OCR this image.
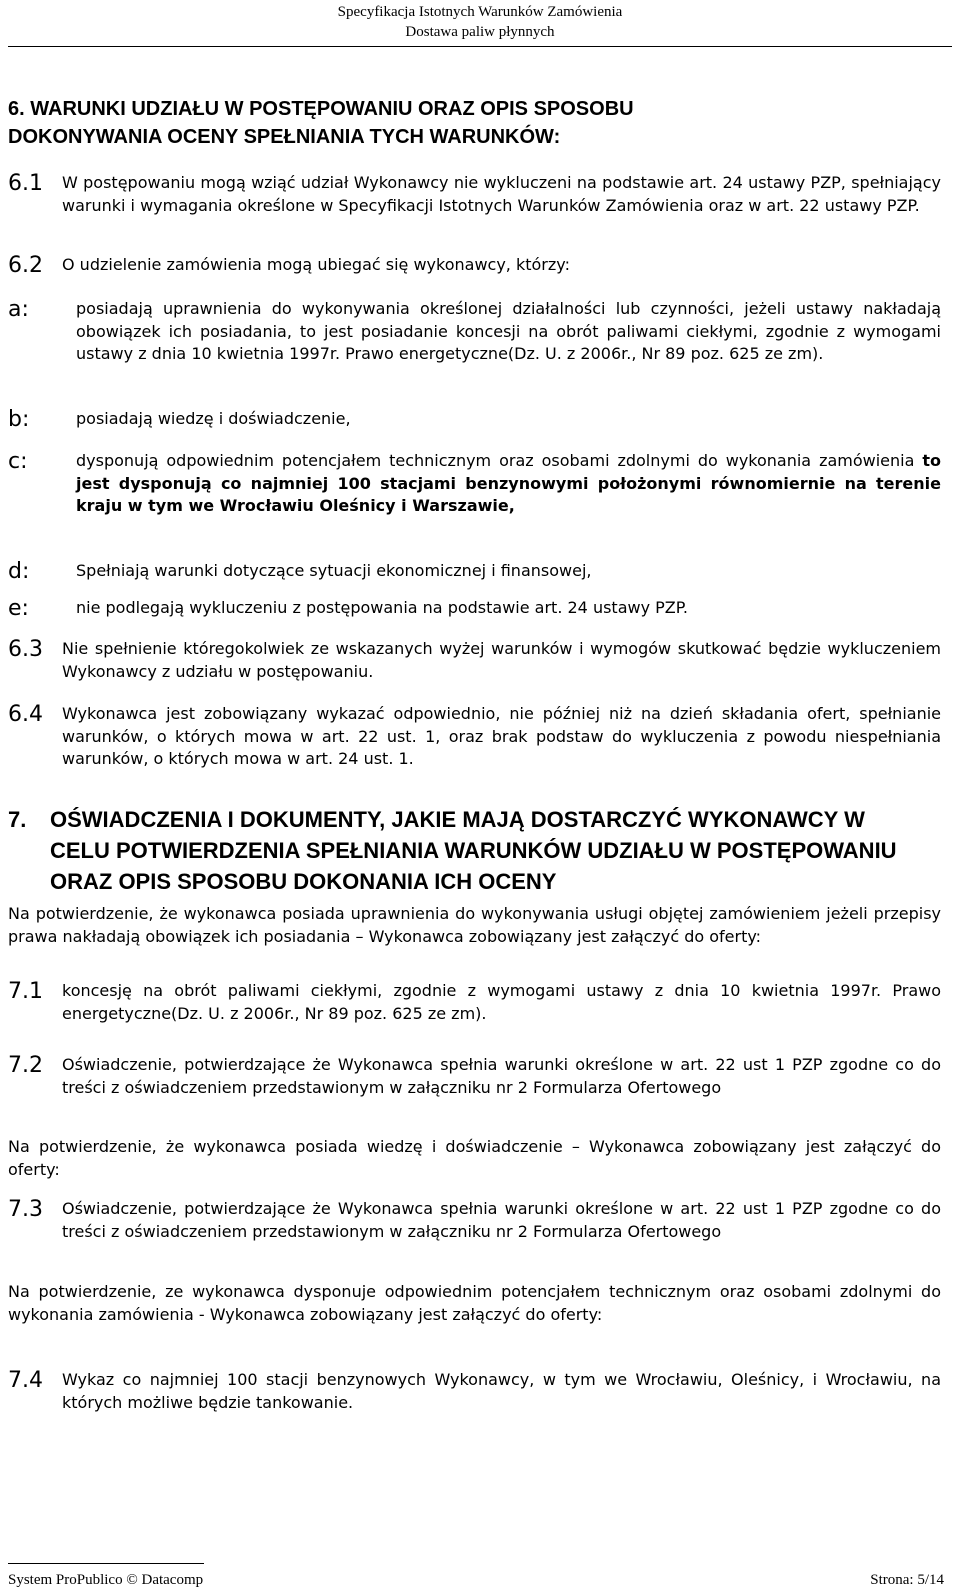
Specyfikacja Istotnych Warunków Zamówienia
Dostawa paliw płynnych
6. WARUNKI UDZIAŁU W POSTĘPOWANIU ORAZ OPIS SPOSOBU DOKONYWANIA OCENY SPEŁNIANIA TYCH WARUNKÓW:
6.1 W postępowaniu mogą wziąć udział Wykonawcy nie wykluczeni na podstawie art. 24 ustawy PZP, spełniający warunki i wymagania określone w Specyfikacji Istotnych Warunków Zamówienia oraz w art. 22 ustawy PZP.
6.2 O udzielenie zamówienia mogą ubiegać się wykonawcy, którzy:
a:	posiadają uprawnienia do wykonywania określonej działalności lub czynności, jeżeli ustawy nakładają obowiązek ich posiadania, to jest posiadanie koncesji na obrót paliwami ciekłymi, zgodnie z wymogami ustawy z dnia 10 kwietnia 1997r. Prawo energetyczne(Dz. U. z 2006r., Nr 89 poz. 625 ze zm).
b:	posiadają wiedzę i doświadczenie,
c:	dysponują odpowiednim potencjałem technicznym oraz osobami zdolnymi do wykonania zamówienia to jest dysponują co najmniej 100 stacjami benzynowymi położonymi równomiernie na terenie kraju w tym we Wrocławiu Oleśnicy i Warszawie,
d:	Spełniają warunki dotyczące sytuacji ekonomicznej i finansowej,
e:	nie podlegają wykluczeniu z postępowania na podstawie art. 24 ustawy PZP.
6.3 Nie spełnienie któregokolwiek ze wskazanych wyżej warunków i wymogów skutkować będzie wykluczeniem Wykonawcy z udziału w postępowaniu.
6.4 Wykonawca jest zobowiązany wykazać odpowiednio, nie później niż na dzień składania ofert, spełnianie warunków, o których mowa w art. 22 ust. 1, oraz brak podstaw do wykluczenia z powodu niespełniania warunków, o których mowa w art. 24 ust. 1.
7. OŚWIADCZENIA I DOKUMENTY, JAKIE MAJĄ DOSTARCZYĆ WYKONAWCY W CELU POTWIERDZENIA SPEŁNIANIA WARUNKÓW UDZIAŁU W POSTĘPOWANIU ORAZ OPIS SPOSOBU DOKONANIA ICH OCENY
Na potwierdzenie, że wykonawca posiada uprawnienia do wykonywania usługi objętej zamówieniem jeżeli przepisy prawa nakładają obowiązek ich posiadania – Wykonawca zobowiązany jest załączyć do oferty:
7.1 koncesję na obrót paliwami ciekłymi, zgodnie z wymogami ustawy z dnia 10 kwietnia 1997r. Prawo energetyczne(Dz. U. z 2006r., Nr 89 poz. 625 ze zm).
7.2 Oświadczenie, potwierdzające że Wykonawca spełnia warunki określone w art. 22 ust 1 PZP zgodne co do treści z oświadczeniem przedstawionym w załączniku nr 2 Formularza Ofertowego
Na potwierdzenie, że wykonawca posiada wiedzę i doświadczenie – Wykonawca zobowiązany jest załączyć do oferty:
7.3 Oświadczenie, potwierdzające że Wykonawca spełnia warunki określone w art. 22 ust 1 PZP zgodne co do treści z oświadczeniem przedstawionym w załączniku nr 2 Formularza Ofertowego
Na potwierdzenie, ze wykonawca dysponuje odpowiednim potencjałem technicznym oraz osobami zdolnymi do wykonania zamówienia - Wykonawca zobowiązany jest załączyć do oferty:
7.4 Wykaz co najmniej 100 stacji benzynowych Wykonawcy, w tym we Wrocławiu, Oleśnicy, i Wrocławiu, na których możliwe będzie tankowanie.
System ProPublico © Datacomp	Strona: 5/14
